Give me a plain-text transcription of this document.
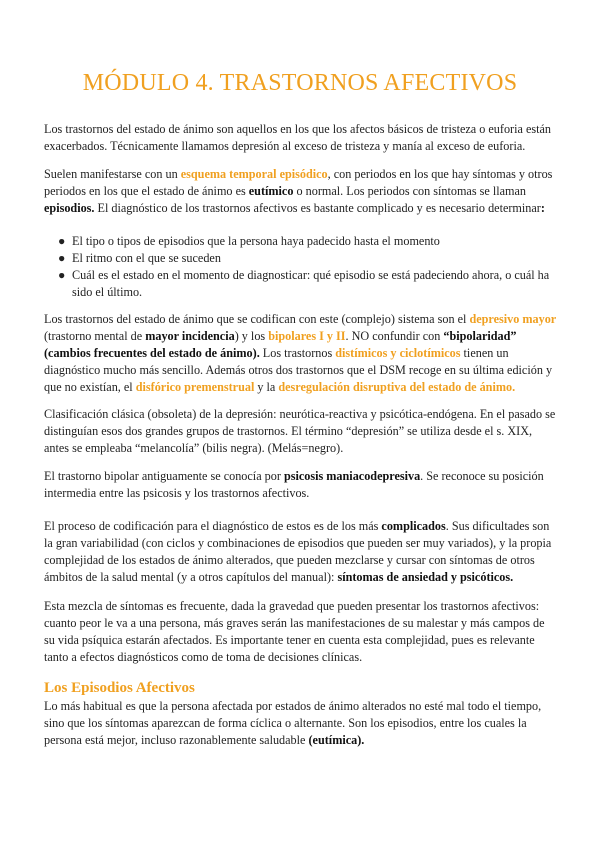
MÓDULO 4. TRASTORNOS AFECTIVOS

Los trastornos del estado de ánimo son aquellos en los que los afectos básicos de tristeza o euforia están exacerbados. Técnicamente llamamos depresión al exceso de tristeza y manía al exceso de euforia.

Suelen manifestarse con un esquema temporal episódico, con periodos en los que hay síntomas y otros periodos en los que el estado de ánimo es eutímico o normal. Los periodos con síntomas se llaman episodios. El diagnóstico de los trastornos afectivos es bastante complicado y es necesario determinar:

● El tipo o tipos de episodios que la persona haya padecido hasta el momento
● El ritmo con el que se suceden
● Cuál es el estado en el momento de diagnosticar: qué episodio se está padeciendo ahora, o cuál ha sido el último.

Los trastornos del estado de ánimo que se codifican con este (complejo) sistema son el depresivo mayor (trastorno mental de mayor incidencia) y los bipolares I y II. NO confundir con “bipolaridad” (cambios frecuentes del estado de ánimo). Los trastornos distímicos y ciclotímicos tienen un diagnóstico mucho más sencillo. Además otros dos trastornos que el DSM recoge en su última edición y que no existían, el disfórico premenstrual y la desregulación disruptiva del estado de ánimo.

Clasificación clásica (obsoleta) de la depresión: neurótica-reactiva y psicótica-endógena. En el pasado se distinguían esos dos grandes grupos de trastornos. El término “depresión” se utiliza desde el s. XIX, antes se empleaba “melancolía” (bilis negra). (Melás=negro).

El trastorno bipolar antiguamente se conocía por psicosis maniacodepresiva. Se reconoce su posición intermedia entre las psicosis y los trastornos afectivos.

El proceso de codificación para el diagnóstico de estos es de los más complicados. Sus dificultades son la gran variabilidad (con ciclos y combinaciones de episodios que pueden ser muy variados), y la propia complejidad de los estados de ánimo alterados, que pueden mezclarse y cursar con síntomas de otros ámbitos de la salud mental (y a otros capítulos del manual): síntomas de ansiedad y psicóticos.

Esta mezcla de síntomas es frecuente, dada la gravedad que pueden presentar los trastornos afectivos: cuanto peor le va a una persona, más graves serán las manifestaciones de su malestar y más campos de su vida psíquica estarán afectados. Es importante tener en cuenta esta complejidad, pues es relevante tanto a efectos diagnósticos como de toma de decisiones clínicas.

Los Episodios Afectivos

Lo más habitual es que la persona afectada por estados de ánimo alterados no esté mal todo el tiempo, sino que los síntomas aparezcan de forma cíclica o alternante. Son los episodios, entre los cuales la persona está mejor, incluso razonablemente saludable (eutímica).
